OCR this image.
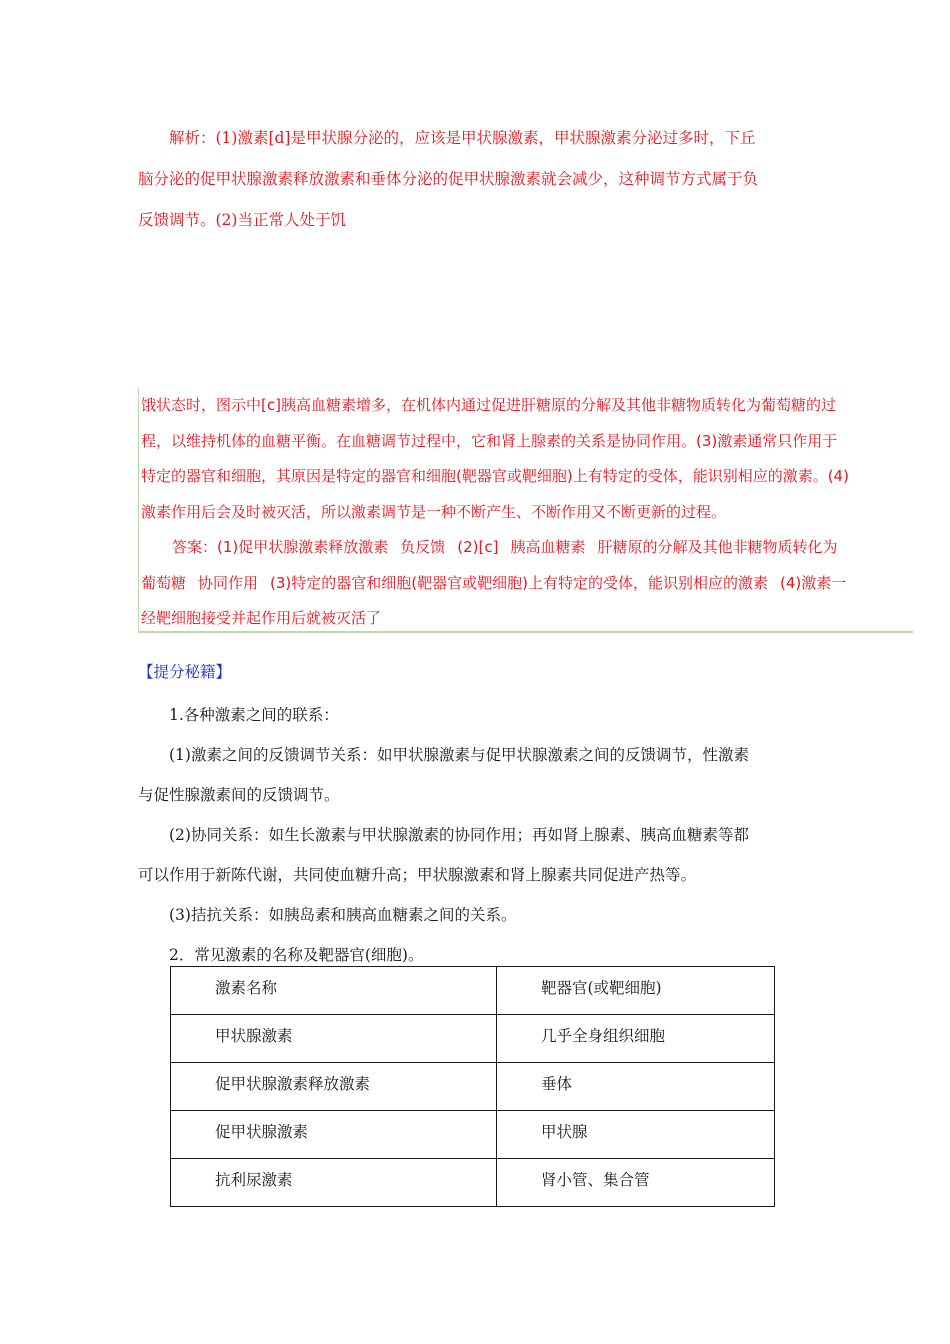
解析：(1)激素[d]是甲状腺分泌的，应该是甲状腺激素，甲状腺激素分泌过多时，下丘

脑分泌的促甲状腺激素释放激素和垂体分泌的促甲状腺激素就会减少，这种调节方式属于负

反馈调节。(2)当正常人处于饥

饿状态时，图示中[c]胰高血糖素增多，在机体内通过促进肝糖原的分解及其他非糖物质转化为葡萄糖的过

程，以维持机体的血糖平衡。在血糖调节过程中，它和肾上腺素的关系是协同作用。(3)激素通常只作用于

特定的器官和细胞，其原因是特定的器官和细胞(靶器官或靶细胞)上有特定的受体，能识别相应的激素。(4)

激素作用后会及时被灭活，所以激素调节是一种不断产生、不断作用又不断更新的过程。

答案：(1)促甲状腺激素释放激素 负反馈 (2)[c] 胰高血糖素 肝糖原的分解及其他非糖物质转化为

葡萄糖 协同作用 (3)特定的器官和细胞(靶器官或靶细胞)上有特定的受体，能识别相应的激素 (4)激素一

经靶细胞接受并起作用后就被灭活了

【提分秘籍】

1.各种激素之间的联系：

(1)激素之间的反馈调节关系：如甲状腺激素与促甲状腺激素之间的反馈调节，性激素

与促性腺激素间的反馈调节。

(2)协同关系：如生长激素与甲状腺激素的协同作用；再如肾上腺素、胰高血糖素等都

可以作用于新陈代谢，共同使血糖升高；甲状腺激素和肾上腺素共同促进产热等。

(3)拮抗关系：如胰岛素和胰高血糖素之间的关系。

2．常见激素的名称及靶器官(细胞)。

激素名称	靶器官(或靶细胞)
甲状腺激素	几乎全身组织细胞
促甲状腺激素释放激素	垂体
促甲状腺激素	甲状腺
抗利尿激素	肾小管、集合管
